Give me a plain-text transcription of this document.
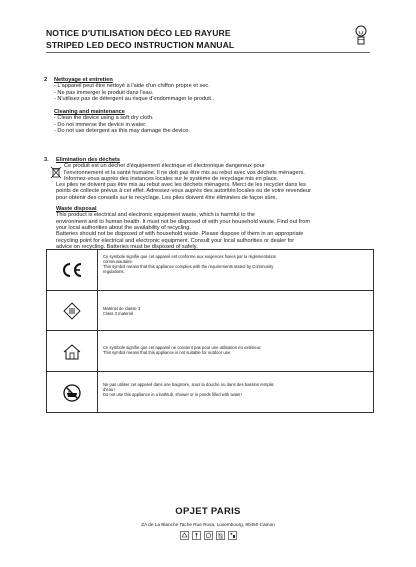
NOTICE D'UTILISATION DÉCO LED RAYURE
STRIPED LED DECO INSTRUCTION MANUAL
2 Nettoyage et entretien
- L'appareil peut être nettoyé à l'aide d'un chiffon propre et sec.
- Ne pas immerger le produit dans l'eau.
- N'utilisez pas de détergent au risque d'endommager le produit..
Cleaning and maintenance
- Clean the device using a soft dry cloth.
- Do not immerse the device in water.
- Do not use detergent as this may damage the device.
3. Elimination des déchets
Ce produit est un déchet d'équipement électrique et électronique dangereux pour
l'environnement et la santé humaine. Il ne doit pas être mis au rebut avec vos déchets ménagers.
Informez-vous auprès des instances locales sur le système de recyclage mis en place.
Les piles ne doivent pas être mis au rebut avec les déchets ménagers. Merci de les recycler dans les
points de collecte prévus à cet effet. Adressez-vous auprès des autorités locales ou de votre revendeur
pour obtenir des conseils sur le recyclage. Les piles doivent être éliminées de façon sûre.
Waste disposal
This product is electrical and electronic equipment waste, which is harmful to the
environment and to human health. It must not be disposed of with your household waste. Find out from
your local authorities about the availability of recycling.
Batteries should not be disposed of with household waste. Please dispose of them in an appropriate
recycling point for electrical and electronic equipment. Consult your local authorities or dealer for
advice on recycling. Batteries must be disposed of safely.
Ce symbole signifie que cet appareil est conforme aux exigences fixées par la réglementation
communautaire.
This symbol means that this appliance complies with the requirements stated by Community
regulations.
Matériel de classe 3
Class 3 material
Ce symbole signifie que cet appareil ne convient pas pour une utilisation en extérieur.
This symbol means that this appliance is not suitable for outdoor use.
Ne pas utiliser cet appareil dans une baignoire, sous la douche ou dans des bassins remplis
d'eau !
Do not use this appliance in a bathtub, shower or in ponds filled with water!
OPJET PARIS
ZA de La Blanche Tache Rue Rosa, Luxembourg, 80450 Camon
